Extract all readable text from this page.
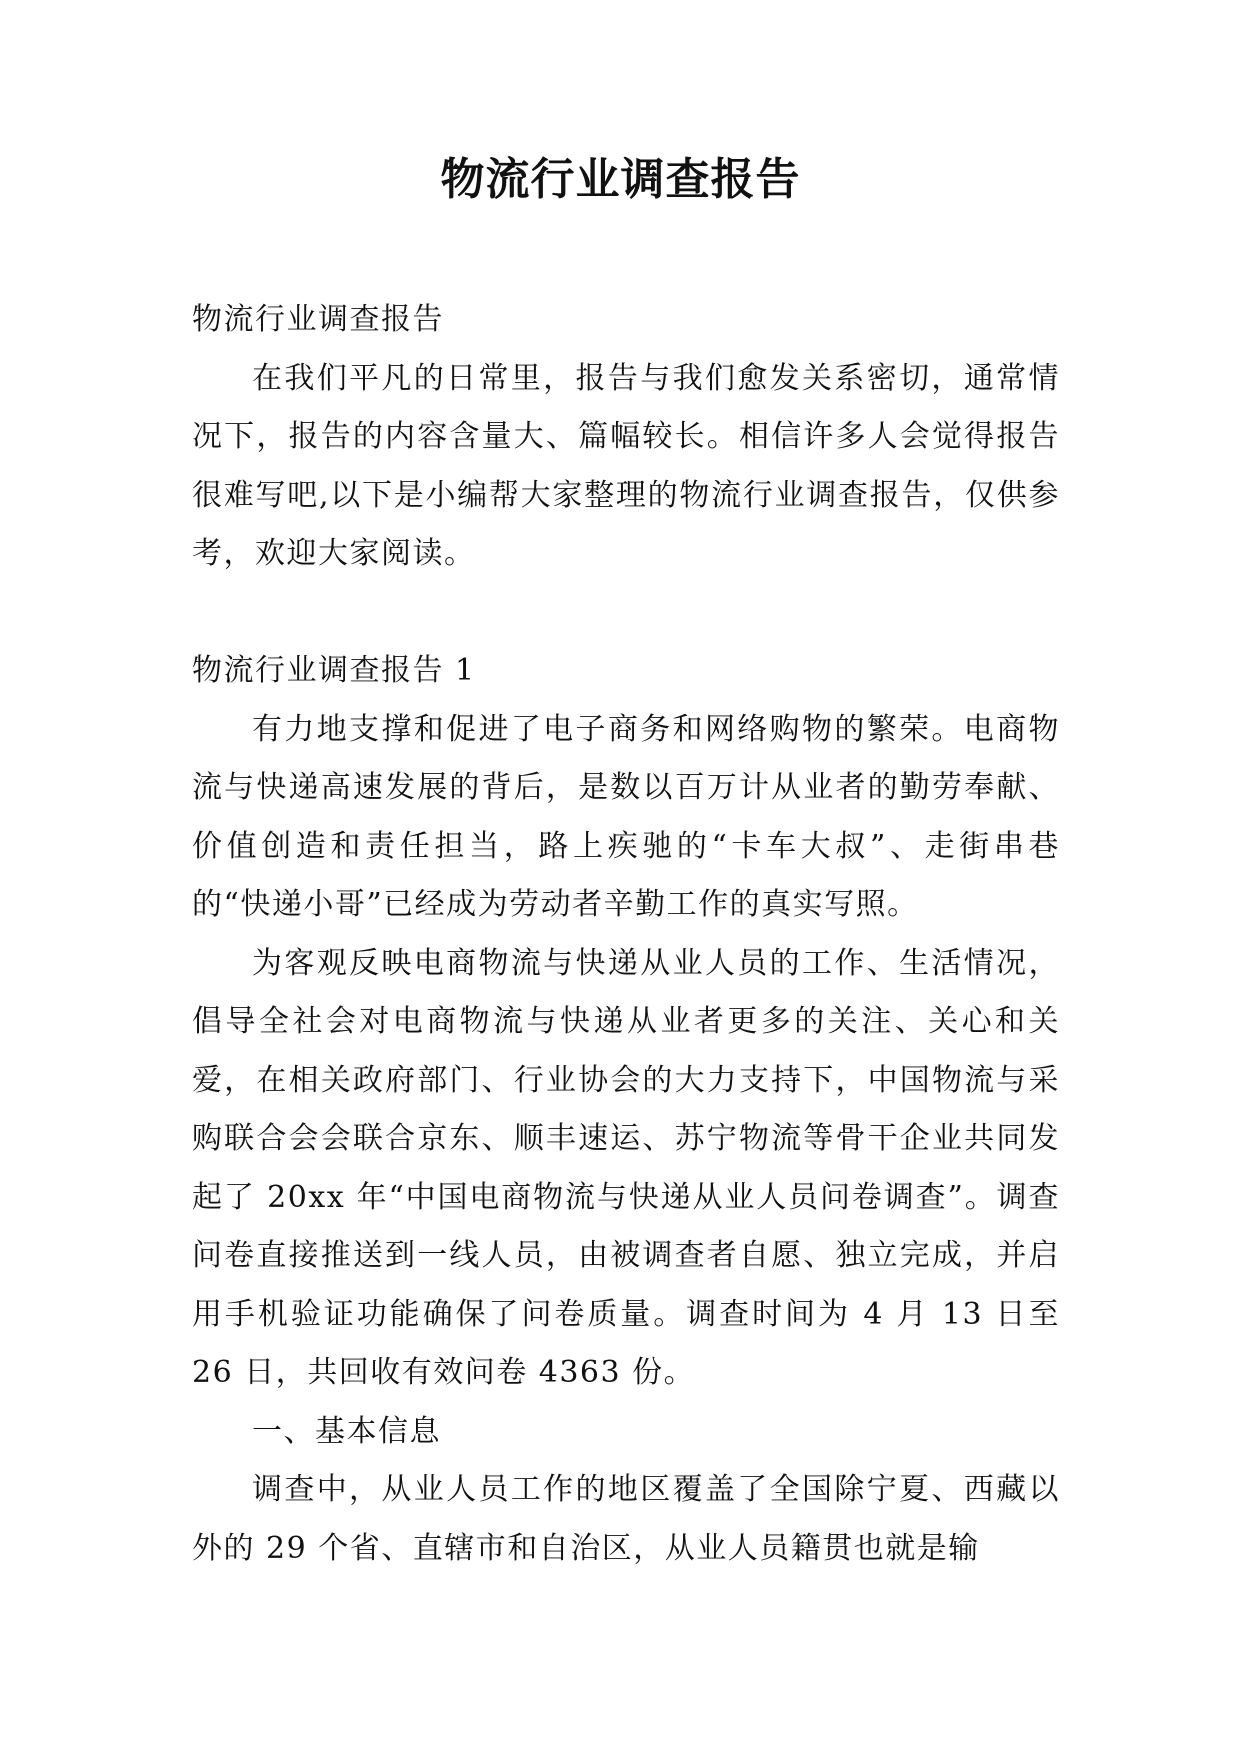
物流行业调查报告

物流行业调查报告

在我们平凡的日常里，报告与我们愈发关系密切，通常情况下，报告的内容含量大、篇幅较长。相信许多人会觉得报告很难写吧,以下是小编帮大家整理的物流行业调查报告，仅供参考，欢迎大家阅读。

物流行业调查报告 1

有力地支撑和促进了电子商务和网络购物的繁荣。电商物流与快递高速发展的背后，是数以百万计从业者的勤劳奉献、价值创造和责任担当，路上疾驰的“卡车大叔”、走街串巷的“快递小哥”已经成为劳动者辛勤工作的真实写照。

为客观反映电商物流与快递从业人员的工作、生活情况，倡导全社会对电商物流与快递从业者更多的关注、关心和关爱，在相关政府部门、行业协会的大力支持下，中国物流与采购联合会会联合京东、顺丰速运、苏宁物流等骨干企业共同发起了 20xx 年“中国电商物流与快递从业人员问卷调查”。调查问卷直接推送到一线人员，由被调查者自愿、独立完成，并启用手机验证功能确保了问卷质量。调查时间为 4 月 13 日至 26 日，共回收有效问卷 4363 份。

一、基本信息

调查中，从业人员工作的地区覆盖了全国除宁夏、西藏以外的 29 个省、直辖市和自治区，从业人员籍贯也就是输
